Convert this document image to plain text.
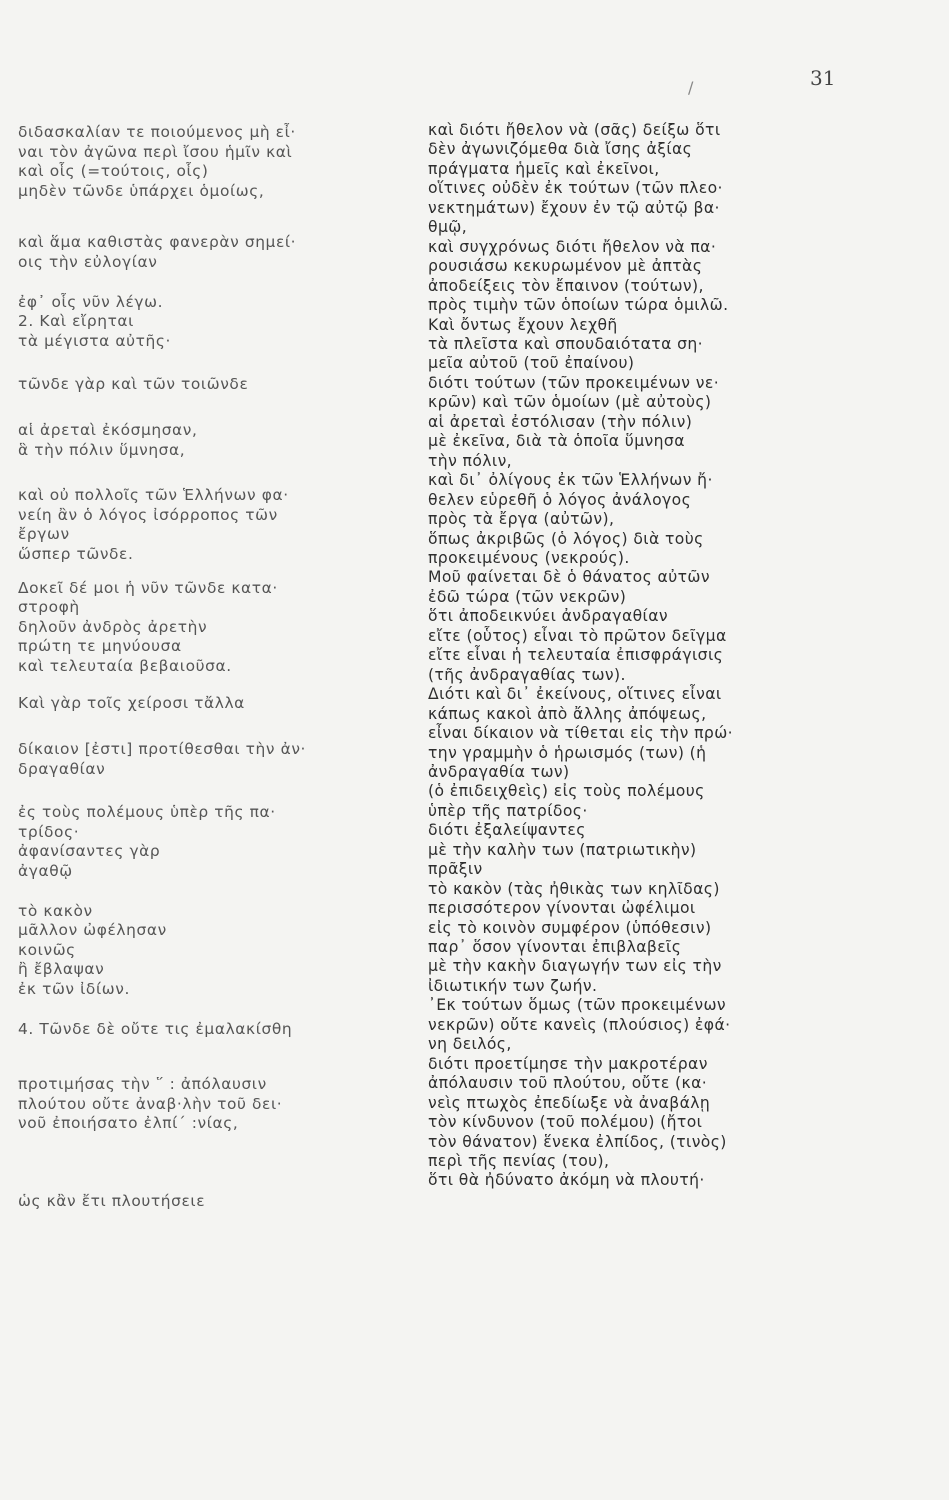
31
/
διδασκαλίαν τε ποιούμενος μὴ εἶ·
ναι τὸν ἀγῶνα περὶ ἴσου ἡμῖν καὶ
καὶ οἷς (=τούτοις, οἷς)
μηδὲν τῶνδε ὑπάρχει ὁμοίως,
καὶ ἅμα καθιστὰς φανερὰν σημεί·
οις τὴν εὐλογίαν
ἐφ᾽ οἷς νῦν λέγω.
2. Καὶ εἴρηται
τὰ μέγιστα αὐτῆς·
τῶνδε γὰρ καὶ τῶν τοιῶνδε
αἱ ἀρεταὶ ἐκόσμησαν,
ἃ τὴν πόλιν ὕμνησα,
καὶ οὐ πολλοῖς τῶν Ἑλλήνων φα·
νείη ἂν ὁ λόγος ἰσόρροπος τῶν
ἔργων
ὥσπερ τῶνδε.
Δοκεῖ δέ μοι ἡ νῦν τῶνδε κατα·
στροφὴ
δηλοῦν ἀνδρὸς ἀρετὴν
πρώτη τε μηνύουσα
καὶ τελευταία βεβαιοῦσα.
Καὶ γὰρ τοῖς χείροσι τἄλλα
δίκαιον [ἐστι] προτίθεσθαι τὴν ἀν·
δραγαθίαν
ἐς τοὺς πολέμους ὑπὲρ τῆς πα·
τρίδος·
ἀφανίσαντες γὰρ
ἀγαθῷ
τὸ κακὸν
μᾶλλον ὠφέλησαν
κοινῶς
ἢ ἔβλαψαν
ἐκ τῶν ἰδίων.
4. Τῶνδε δὲ οὔτε τις ἐμαλακίσθη
προτιμήσας τὴν ῞ : ἀπόλαυσιν
πλούτου οὔτε ἀναβ·λὴν τοῦ δει·
νοῦ ἐποιήσατο ἐλπί΄ :νίας,
ὡς κἂν ἔτι πλουτήσειε
καὶ διότι ἤθελον νὰ (σᾶς) δείξω ὅτι
δὲν ἀγωνιζόμεθα διὰ ἴσης ἀξίας
πράγματα ἡμεῖς καὶ ἐκεῖνοι,
οἵτινες οὐδὲν ἐκ τούτων (τῶν πλεο·
νεκτημάτων) ἔχουν ἐν τῷ αὐτῷ βα·
θμῷ,
καὶ συγχρόνως διότι ἤθελον νὰ πα·
ρουσιάσω κεκυρωμένον μὲ ἀπτὰς
ἀποδείξεις τὸν ἔπαινον (τούτων),
πρὸς τιμὴν τῶν ὁποίων τώρα ὁμιλῶ.
Καὶ ὄντως ἔχουν λεχθῆ
τὰ πλεῖστα καὶ σπουδαιότατα ση·
μεῖα αὐτοῦ (τοῦ ἐπαίνου)
διότι τούτων (τῶν προκειμένων νε·
κρῶν) καὶ τῶν ὁμοίων (μὲ αὐτοὺς)
αἱ ἀρεταὶ ἐστόλισαν (τὴν πόλιν)
μὲ ἐκεῖνα, διὰ τὰ ὁποῖα ὕμνησα
τὴν πόλιν,
καὶ δι᾽ ὀλίγους ἐκ τῶν Ἑλλήνων ἤ·
θελεν εὑρεθῆ ὁ λόγος ἀνάλογος
πρὸς τὰ ἔργα (αὐτῶν),
ὅπως ἀκριβῶς (ὁ λόγος) διὰ τοὺς
προκειμένους (νεκρούς).
Μοῦ φαίνεται δὲ ὁ θάνατος αὐτῶν
ἐδῶ τώρα (τῶν νεκρῶν)
ὅτι ἀποδεικνύει ἀνδραγαθίαν
εἴτε (οὗτος) εἶναι τὸ πρῶτον δεῖγμα
εἴτε εἶναι ἡ τελευταία ἐπισφράγισις
(τῆς ἀνδραγαθίας των).
Διότι καὶ δι᾽ ἐκείνους, οἵτινες εἶναι
κάπως κακοὶ ἀπὸ ἄλλης ἀπόψεως,
εἶναι δίκαιον νὰ τίθεται εἰς τὴν πρώ·
την γραμμὴν ὁ ἡρωισμός (των) (ἡ
ἀνδραγαθία των)
(ὁ ἐπιδειχθεὶς) εἰς τοὺς πολέμους
ὑπὲρ τῆς πατρίδος·
διότι ἐξαλείψαντες
μὲ τὴν καλὴν των (πατριωτικὴν)
πρᾶξιν
τὸ κακὸν (τὰς ἠθικὰς των κηλῖδας)
περισσότερον γίνονται ὠφέλιμοι
εἰς τὸ κοινὸν συμφέρον (ὑπόθεσιν)
παρ᾽ ὅσον γίνονται ἐπιβλαβεῖς
μὲ τὴν κακὴν διαγωγήν των εἰς τὴν
ἰδιωτικήν των ζωήν.
᾿Εκ τούτων ὅμως (τῶν προκειμένων
νεκρῶν) οὔτε κανεὶς (πλούσιος) ἐφά·
νη δειλός,
διότι προετίμησε τὴν μακροτέραν
ἀπόλαυσιν τοῦ πλούτου, οὔτε (κα·
νεὶς πτωχὸς ἐπεδίωξε νὰ ἀναβάλῃ
τὸν κίνδυνον (τοῦ πολέμου) (ἤτοι
τὸν θάνατον) ἕνεκα ἐλπίδος, (τινὸς)
περὶ τῆς πενίας (του),
ὅτι θὰ ἠδύνατο ἀκόμη νὰ πλουτή·
